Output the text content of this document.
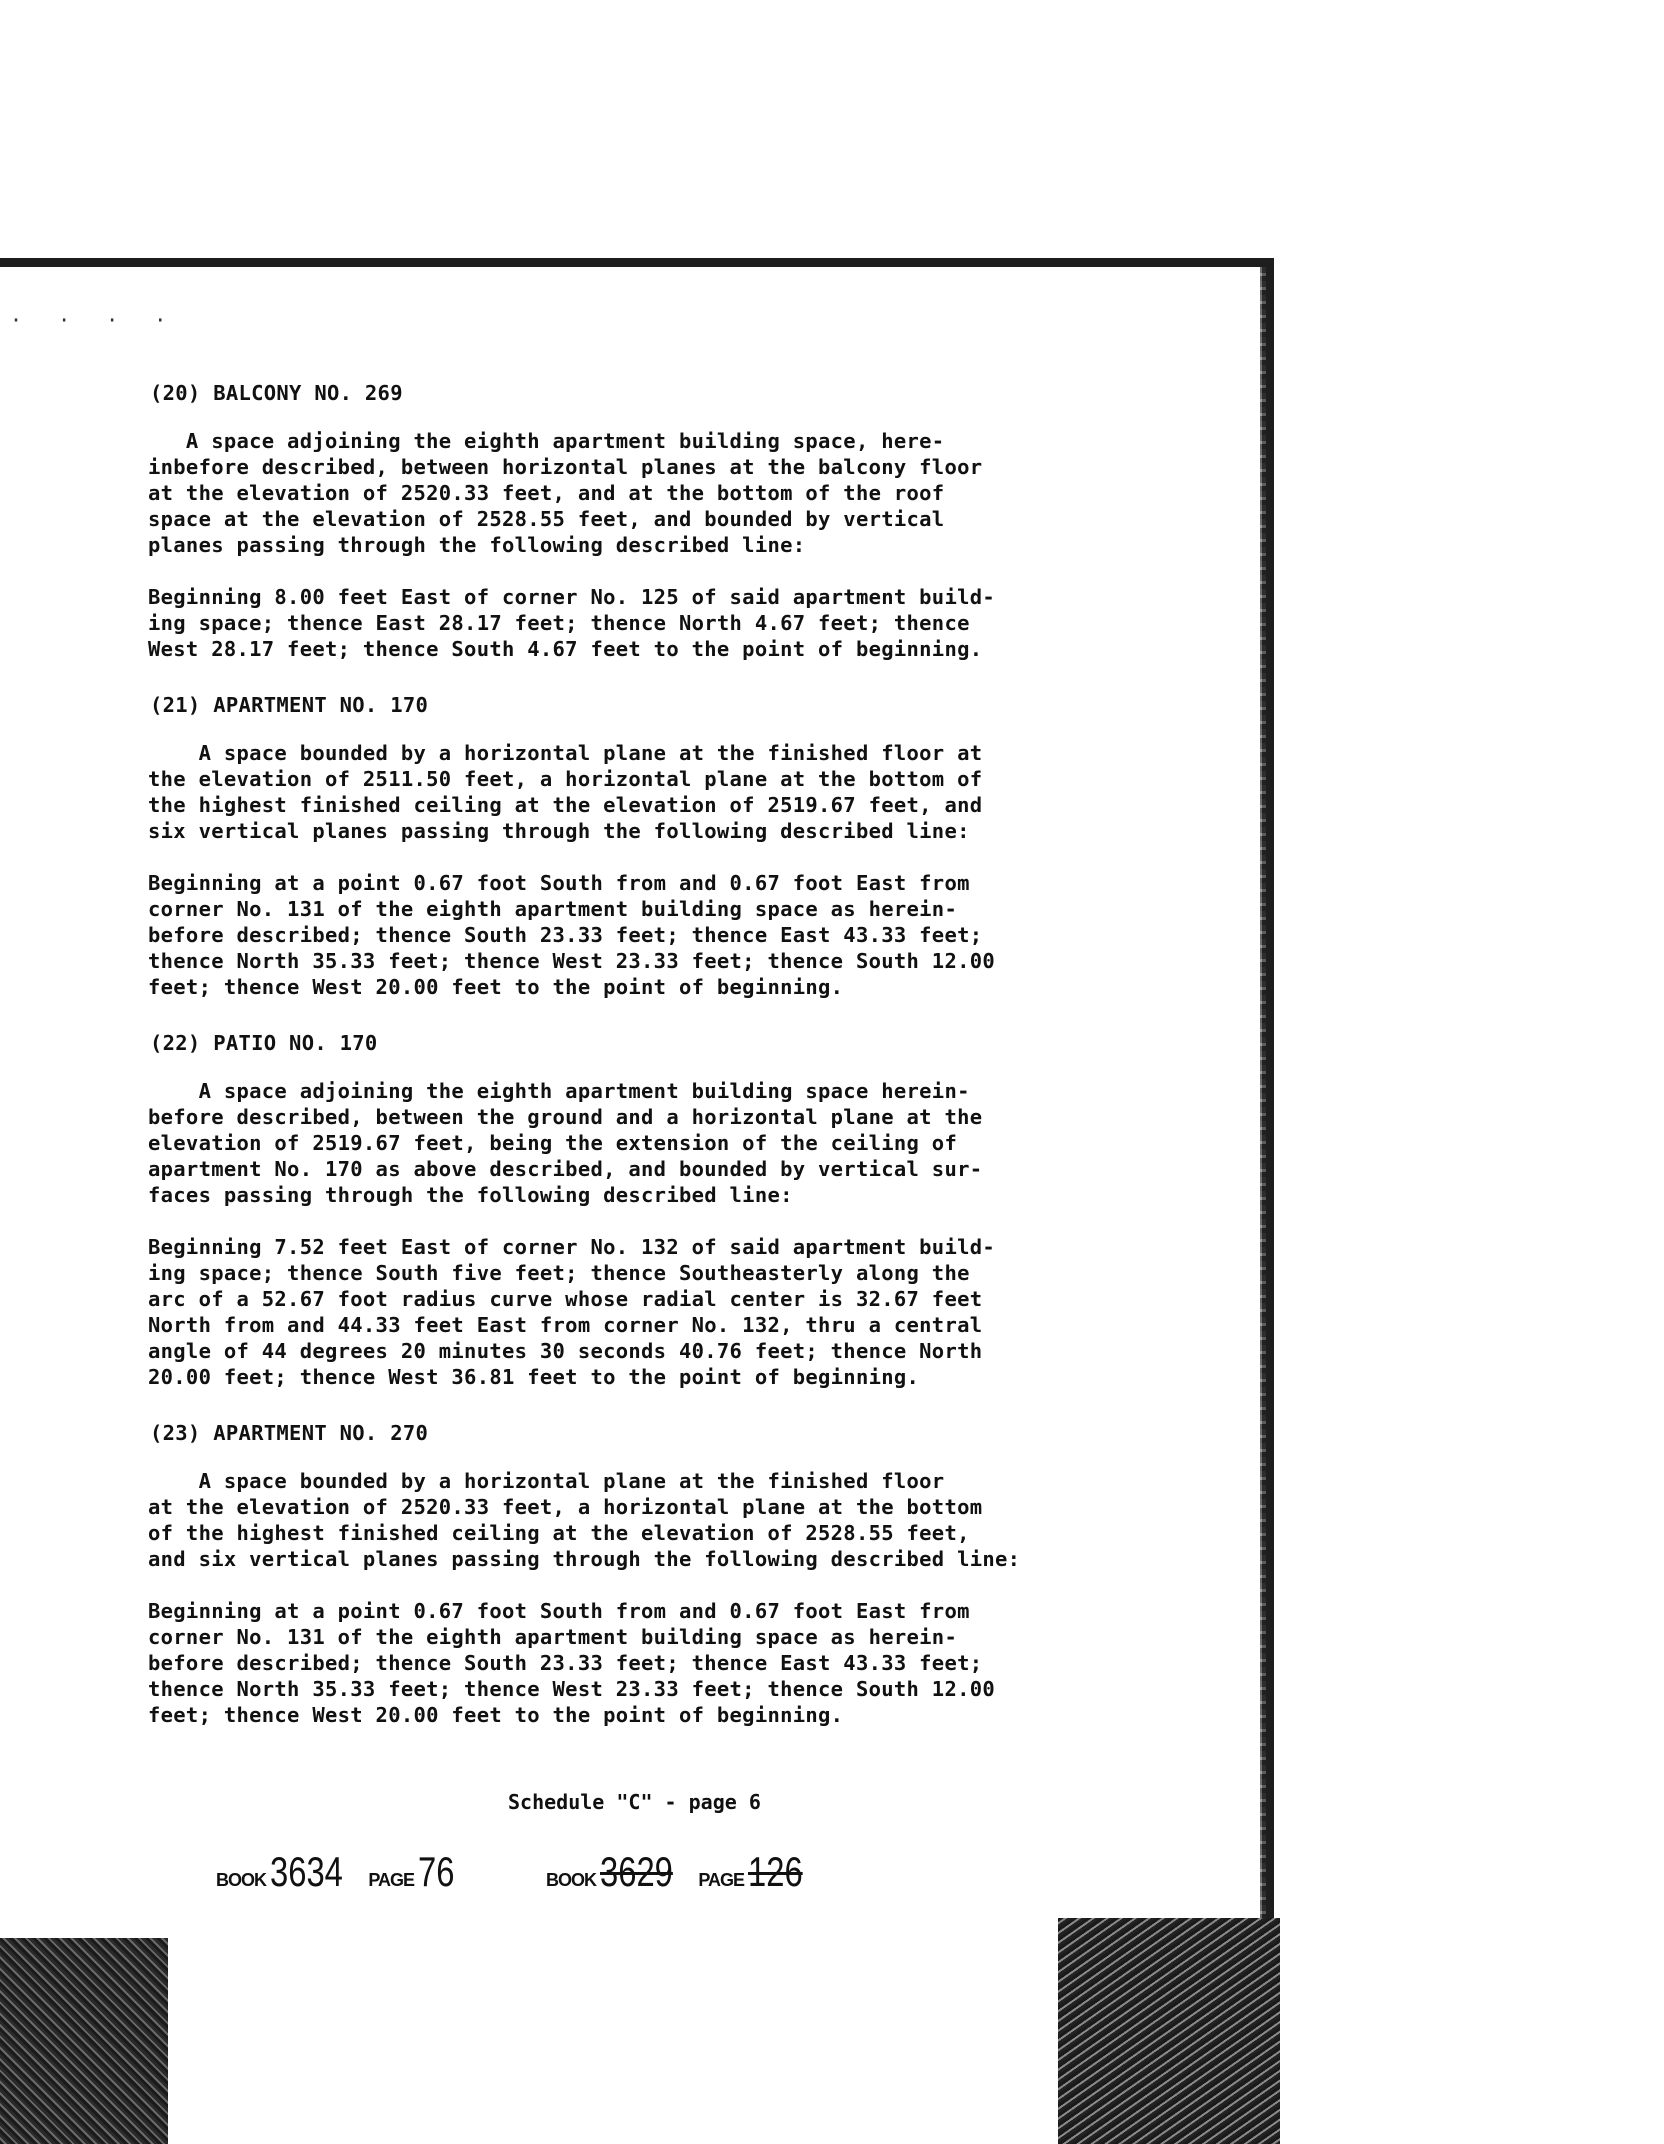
· · · ·
(20) BALCONY NO. 269
A space adjoining the eighth apartment building space, here-
inbefore described, between horizontal planes at the balcony floor
at the elevation of 2520.33 feet, and at the bottom of the roof
space at the elevation of 2528.55 feet, and bounded by vertical
planes passing through the following described line:
Beginning 8.00 feet East of corner No. 125 of said apartment build-
ing space; thence East 28.17 feet; thence North 4.67 feet; thence
West 28.17 feet; thence South 4.67 feet to the point of beginning.
(21) APARTMENT NO. 170
A space bounded by a horizontal plane at the finished floor at
the elevation of 2511.50 feet, a horizontal plane at the bottom of
the highest finished ceiling at the elevation of 2519.67 feet, and
six vertical planes passing through the following described line:
Beginning at a point 0.67 foot South from and 0.67 foot East from
corner No. 131 of the eighth apartment building space as herein-
before described; thence South 23.33 feet; thence East 43.33 feet;
thence North 35.33 feet; thence West 23.33 feet; thence South 12.00
feet; thence West 20.00 feet to the point of beginning.
(22) PATIO NO. 170
A space adjoining the eighth apartment building space herein-
before described, between the ground and a horizontal plane at the
elevation of 2519.67 feet, being the extension of the ceiling of
apartment No. 170 as above described, and bounded by vertical sur-
faces passing through the following described line:
Beginning 7.52 feet East of corner No. 132 of said apartment build-
ing space; thence South five feet; thence Southeasterly along the
arc of a 52.67 foot radius curve whose radial center is 32.67 feet
North from and 44.33 feet East from corner No. 132, thru a central
angle of 44 degrees 20 minutes 30 seconds 40.76 feet; thence North
20.00 feet; thence West 36.81 feet to the point of beginning.
(23) APARTMENT NO. 270
A space bounded by a horizontal plane at the finished floor
at the elevation of 2520.33 feet, a horizontal plane at the bottom
of the highest finished ceiling at the elevation of 2528.55 feet,
and six vertical planes passing through the following described line:
Beginning at a point 0.67 foot South from and 0.67 foot East from
corner No. 131 of the eighth apartment building space as herein-
before described; thence South 23.33 feet; thence East 43.33 feet;
thence North 35.33 feet; thence West 23.33 feet; thence South 12.00
feet; thence West 20.00 feet to the point of beginning.
Schedule "C" - page 6
BOOK 3634 PAGE 76	BOOK 3629 PAGE 126
